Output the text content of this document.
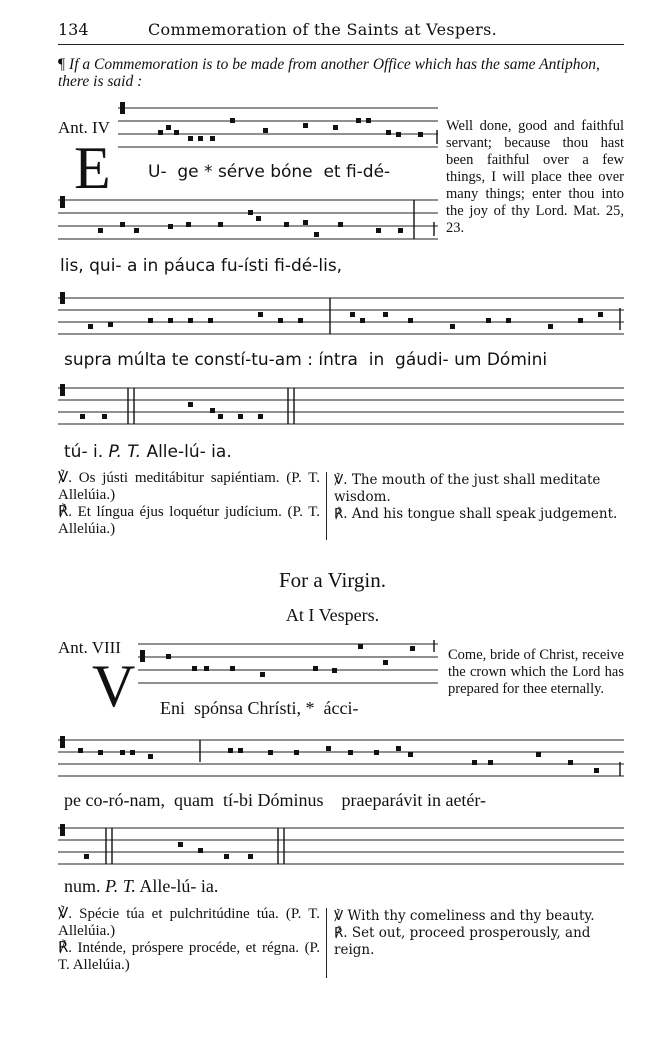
134	Commemoration of the Saints at Vespers.
¶ If a Commemoration is to be made from another Office which has the same Antiphon, there is said :
Ant. IV
E U- ge * sérve bóne et fi-dé-
lis, qui- a in páuca fu-ísti fi-dé-lis,
Well done, good and faithful servant; because thou hast been faithful over a few things, I will place thee over many things; enter thou into the joy of thy Lord. Mat. 25, 23.
supra múlta te constí-tu-am : íntra in gáudi- um Dómini
tú- i. P. T. Alle-lú- ia.
℣. Os jústi meditábitur sapiéntiam. (P. T. Allelúia.)
℟. Et língua éjus loquétur judícium. (P. T. Allelúia.)
℣. The mouth of the just shall meditate wisdom.
℟. And his tongue shall speak judgement.
For a Virgin.
At I Vespers.
Ant. VIII
V Eni spónsa Chrísti, * ácci-
Come, bride of Christ, receive the crown which the Lord has prepared for thee eternally.
pe co-ró-nam, quam tí-bi Dóminus praeparávit in aetér-
num. P. T. Alle-lú- ia.
℣. Spécie túa et pulchritúdine túa. (P. T. Allelúia.)
℟. Inténde, próspere procéde, et régna. (P. T. Allelúia.)
℣ With thy comeliness and thy beauty.
℟. Set out, proceed prosperously, and reign.
